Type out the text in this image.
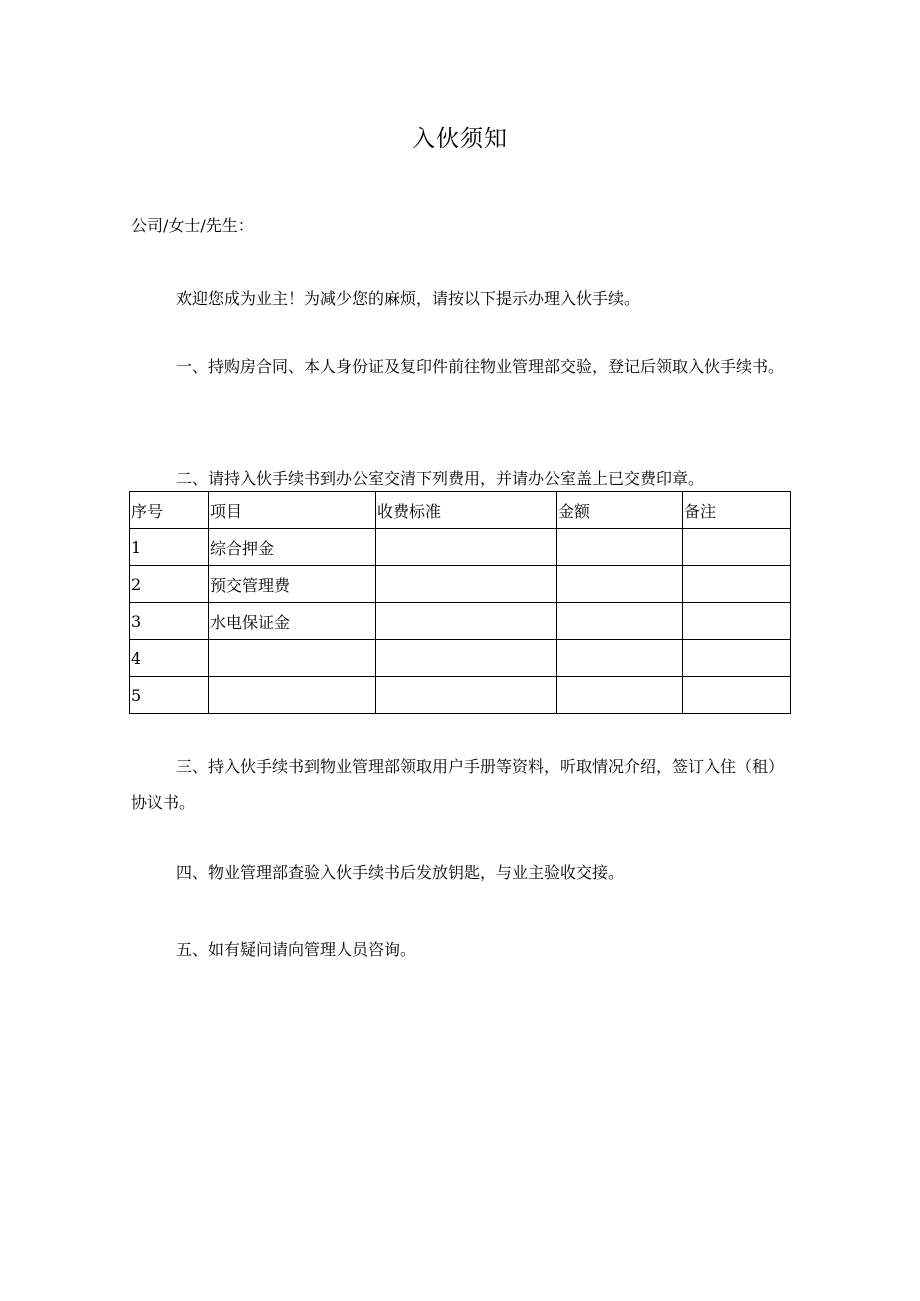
入伙须知
公司/女士/先生：
欢迎您成为业主！为减少您的麻烦，请按以下提示办理入伙手续。
一、持购房合同、本人身份证及复印件前往物业管理部交验，登记后领取入伙手续书。
二、请持入伙手续书到办公室交清下列费用，并请办公室盖上已交费印章。
序号	项目	收费标准	金额	备注
1	综合押金			
2	预交管理费			
3	水电保证金			
4				
5				
三、持入伙手续书到物业管理部领取用户手册等资料，听取情况介绍，签订入住（租）协议书。
四、物业管理部查验入伙手续书后发放钥匙，与业主验收交接。
五、如有疑问请向管理人员咨询。
